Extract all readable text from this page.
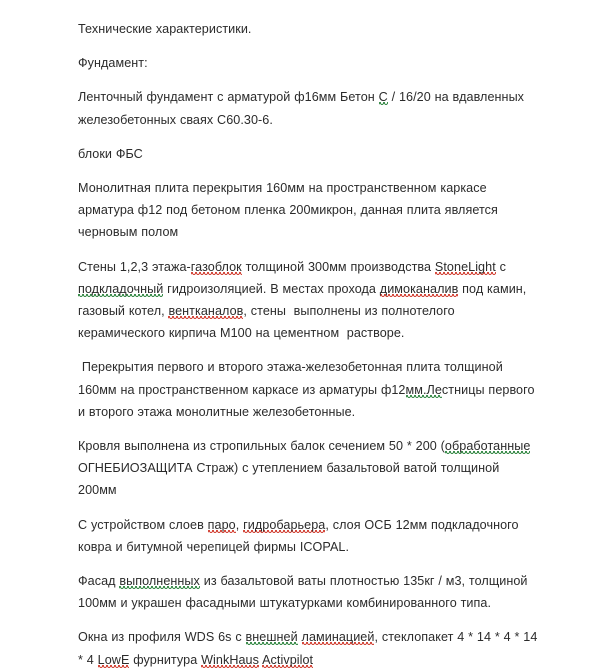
Технические характеристики.

Фундамент:

Ленточный фундамент с арматурой ф16мм Бетон С / 16/20 на вдавленных железобетонных сваях С60.30-6.

блоки ФБС

Монолитная плита перекрытия 160мм на пространственном каркасе арматура ф12 под бетоном пленка 200микрон, данная плита является черновым полом

Стены 1,2,3 этажа-газоблок толщиной 300мм производства StoneLight с подкладочный гидроизоляцией. В местах прохода димоканалив под камин, газовый котел, вентканалов, стены  выполнены из полнотелого керамического кирпича М100 на цементном  растворе.

Перекрытия первого и второго этажа-железобетонная плита толщиной 160мм на пространственном каркасе из арматуры ф12мм.Лестницы первого и второго этажа монолитные железобетонные.

Кровля выполнена из стропильных балок сечением 50 * 200 (обработанные ОГНЕБИОЗАЩИТА Страж) с утеплением базальтовой ватой толщиной 200мм

С устройством слоев паро, гидробарьера, слоя ОСБ 12мм подкладочного ковра и битумной черепицей фирмы ICOPAL.

Фасад выполненных из базальтовой ваты плотностью 135кг / м3, толщиной 100мм и украшен фасадными штукатурками комбинированного типа.

Окна из профиля WDS 6s с внешней ламинацией, стеклопакет 4 * 14 * 4 * 14 * 4 LowE фурнитура WinkHaus Activpilot
